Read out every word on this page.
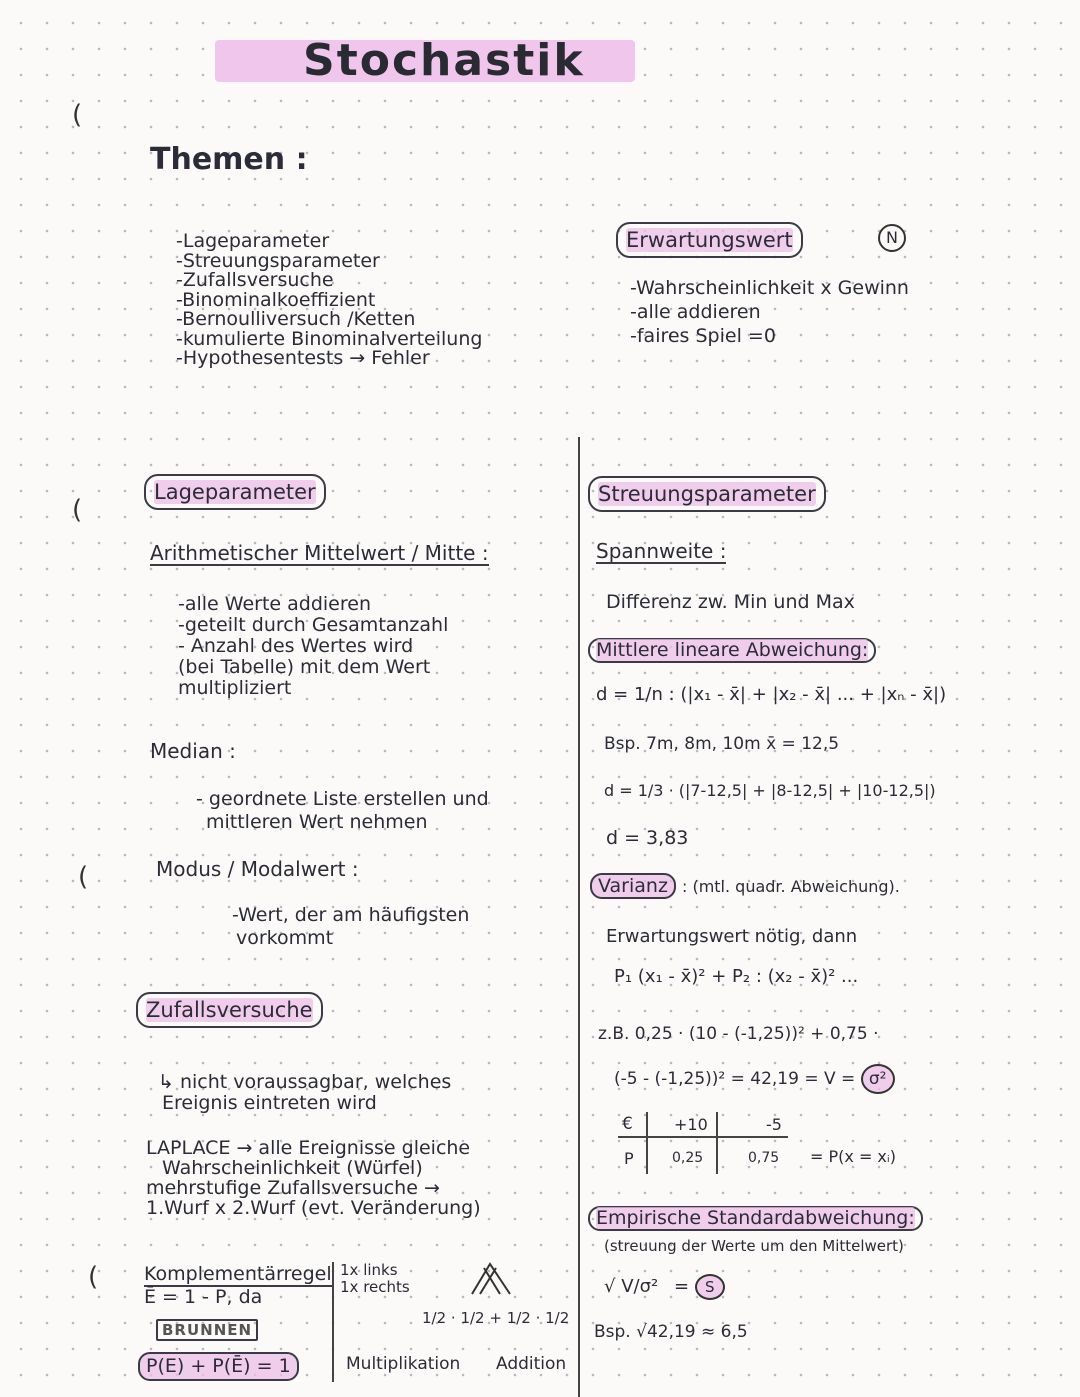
(
(
(
(
Stochastik
Themen :
-Lageparameter
-Streuungsparameter
-Zufallsversuche
-Binominalkoeffizient
-Bernoulliversuch /Ketten
-kumulierte Binominalverteilung
-Hypothesentests → Fehler
Erwartungswert	N
-Wahrscheinlichkeit x Gewinn
-alle addieren
-faires Spiel =0
Lageparameter
Arithmetischer Mittelwert / Mitte :
-alle Werte addieren
-geteilt durch Gesamtanzahl
- Anzahl des Wertes wird
(bei Tabelle) mit dem Wert
multipliziert
Median :
- geordnete Liste erstellen und
mittleren Wert nehmen
Modus / Modalwert :
-Wert, der am häufigsten
vorkommt
Zufallsversuche
↳ nicht voraussagbar, welches
Ereignis eintreten wird
LAPLACE → alle Ereignisse gleiche
Wahrscheinlichkeit (Würfel)
mehrstufige Zufallsversuche →
1.Wurf x 2.Wurf (evt. Veränderung)
Komplementärregel
Ē = 1 - P, da
BRUNNEN
P(E) + P(Ē) = 1
1x links
1x rechts
1/2 · 1/2 + 1/2 · 1/2
Multiplikation Addition
Streuungsparameter
Spannweite :
Differenz zw. Min und Max
Mittlere lineare Abweichung:
d = 1/n : (|x₁ - x̄| + |x₂ - x̄| ... + |xₙ - x̄|)
Bsp. 7m, 8m, 10m x̄ = 12,5
d = 1/3 · (|7-12,5| + |8-12,5| + |10-12,5|)
d = 3,83
Varianz : (mtl. quadr. Abweichung).
Erwartungswert nötig, dann
P₁ (x₁ - x̄)² + P₂ : (x₂ - x̄)² ...
z.B. 0,25 · (10 - (-1,25))² + 0,75 ·
(-5 - (-1,25))² = 42,19 = V = σ²
€	+10	-5
P	0,25	0,75 = P(x = xᵢ)
Empirische Standardabweichung:
(streuung der Werte um den Mittelwert)
√ V/σ² = S
Bsp. √42,19 ≈ 6,5
